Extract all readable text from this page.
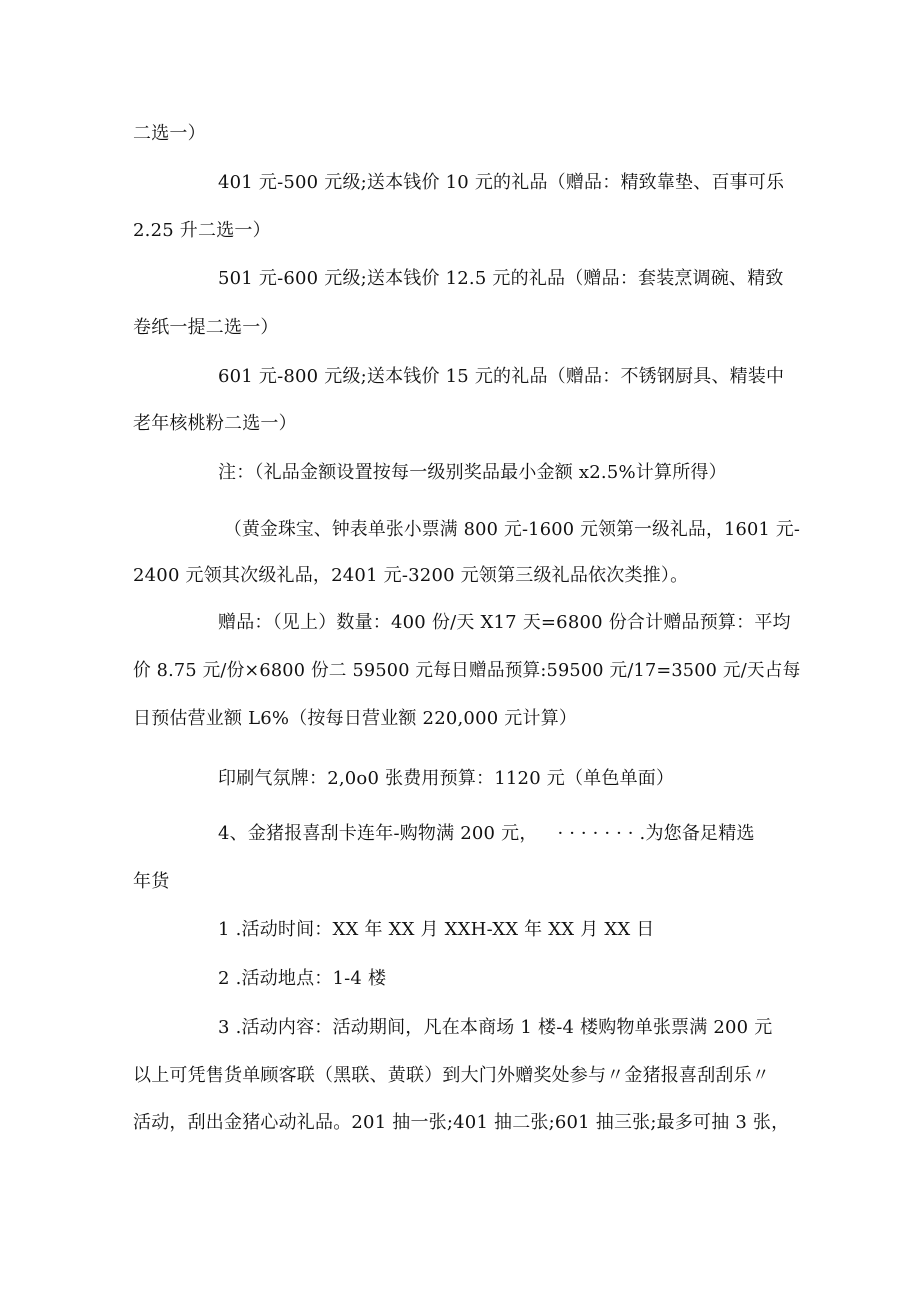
二选一）
401 元-500 元级;送本钱价 10 元的礼品（赠品：精致靠垫、百事可乐
2.25 升二选一）
501 元-600 元级;送本钱价 12.5 元的礼品（赠品：套装烹调碗、精致
卷纸一提二选一）
601 元-800 元级;送本钱价 15 元的礼品（赠品：不锈钢厨具、精装中
老年核桃粉二选一）
注：（礼品金额设置按每一级别奖品最小金额 x2.5%计算所得）
（黄金珠宝、钟表单张小票满 800 元-1600 元领第一级礼品，1601 元-
2400 元领其次级礼品，2401 元-3200 元领第三级礼品依次类推）。
赠品：（见上）数量：400 份/天 X17 天=6800 份合计赠品预算：平均
价 8.75 元/份×6800 份二 59500 元每日赠品预算:59500 元/17=3500 元/天占每
日预估营业额 L6%（按每日营业额 220,000 元计算）
印刷气氛牌：2,0o0 张费用预算：1120 元（单色单面）
4、金猪报喜刮卡连年-购物满 200 元， ·······.为您备足精选
年货
1 .活动时间：XX 年 XX 月 XXH-XX 年 XX 月 XX 日
2 .活动地点：1-4 楼
3 .活动内容：活动期间，凡在本商场 1 楼-4 楼购物单张票满 200 元
以上可凭售货单顾客联（黑联、黄联）到大门外赠奖处参与〃金猪报喜刮刮乐〃
活动，刮出金猪心动礼品。201 抽一张;401 抽二张;601 抽三张;最多可抽 3 张，
